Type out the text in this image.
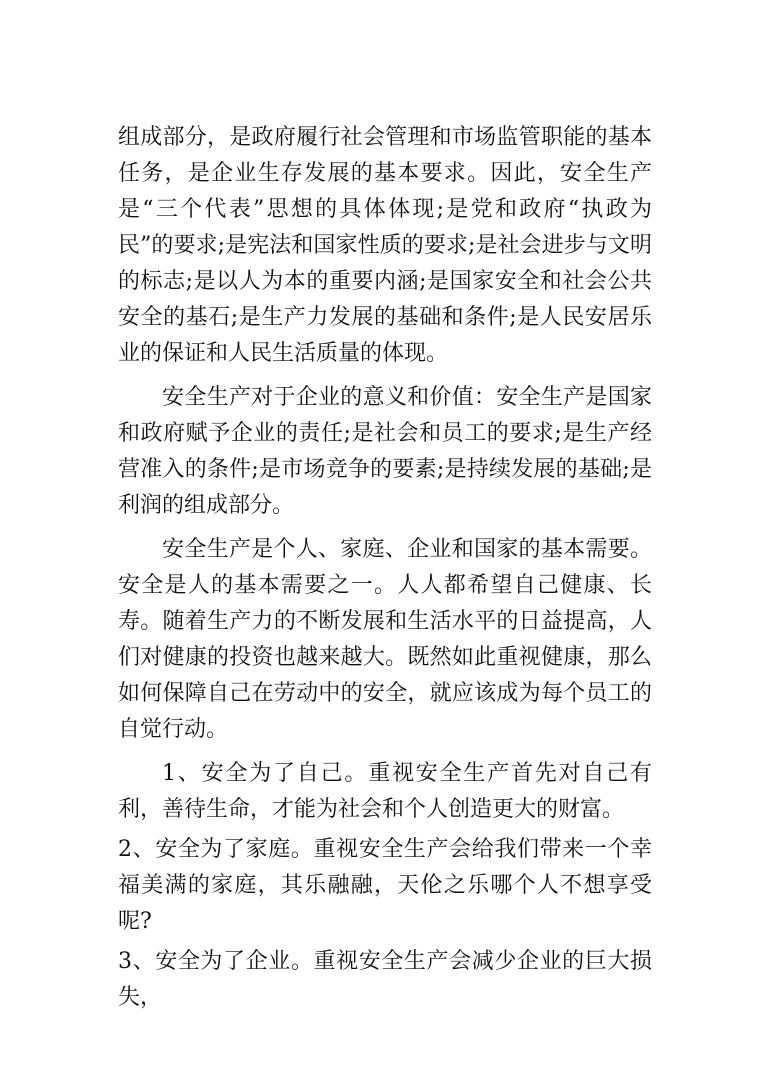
组成部分，是政府履行社会管理和市场监管职能的基本任务，是企业生存发展的基本要求。因此，安全生产是“三个代表”思想的具体体现;是党和政府“执政为民”的要求;是宪法和国家性质的要求;是社会进步与文明的标志;是以人为本的重要内涵;是国家安全和社会公共安全的基石;是生产力发展的基础和条件;是人民安居乐业的保证和人民生活质量的体现。

安全生产对于企业的意义和价值：安全生产是国家和政府赋予企业的责任;是社会和员工的要求;是生产经营准入的条件;是市场竞争的要素;是持续发展的基础;是利润的组成部分。

安全生产是个人、家庭、企业和国家的基本需要。安全是人的基本需要之一。人人都希望自己健康、长寿。随着生产力的不断发展和生活水平的日益提高，人们对健康的投资也越来越大。既然如此重视健康，那么如何保障自己在劳动中的安全，就应该成为每个员工的自觉行动。

1、安全为了自己。重视安全生产首先对自己有利，善待生命，才能为社会和个人创造更大的财富。

2、安全为了家庭。重视安全生产会给我们带来一个幸福美满的家庭，其乐融融，天伦之乐哪个人不想享受呢?

3、安全为了企业。重视安全生产会减少企业的巨大损失，
